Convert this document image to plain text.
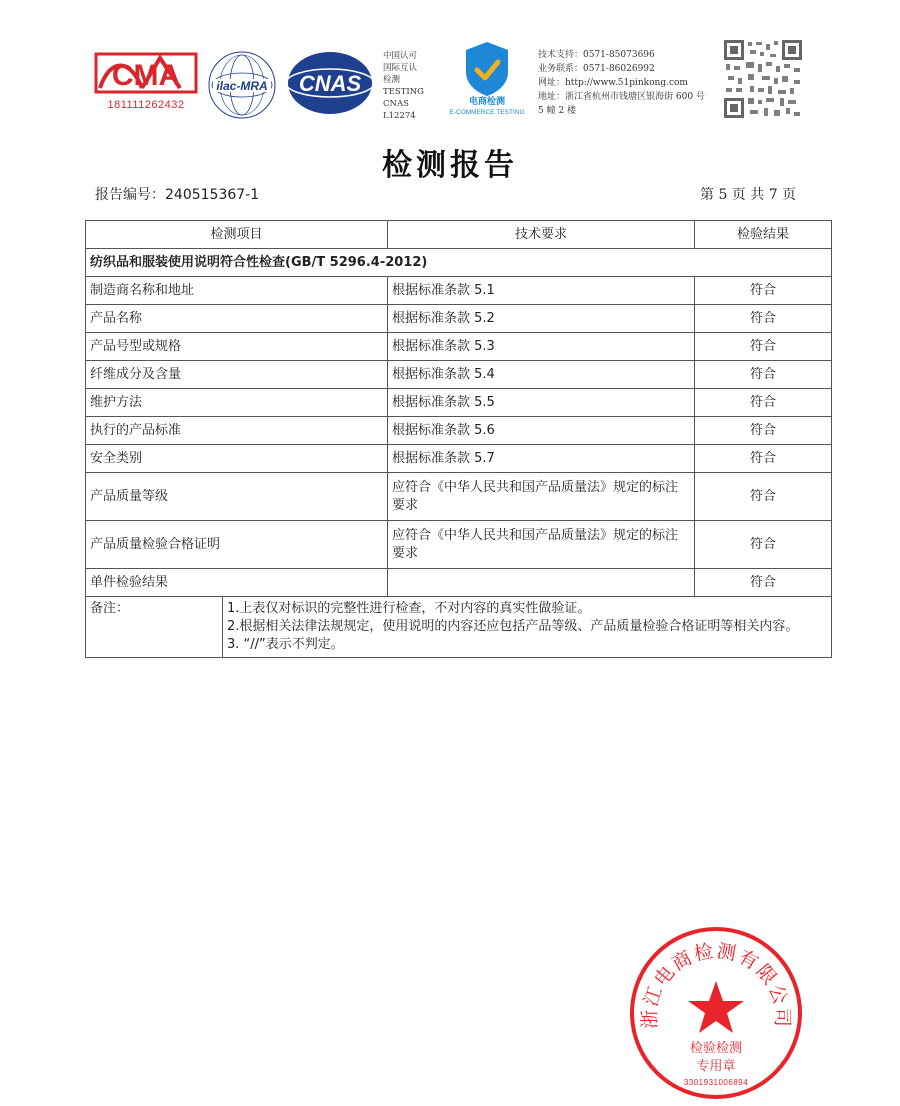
CMA
181111262432
ilac-MRA CNAS
中国认可
国际互认
检测
TESTING
CNAS L12274
电商检测
E-COMMERCE TESTING
技术支持：0571-85073696
业务联系：0571-86026992
网址：http://www.51pinkong.com
地址：浙江省杭州市钱塘区银海街 600 号
5 幢 2 楼
检测报告
报告编号：240515367-1	第 5 页 共 7 页
检测项目		技术要求	检验结果
纺织品和服装使用说明符合性检查(GB/T 5296.4-2012)			
制造商名称和地址		根据标准条款 5.1	符合
产品名称		根据标准条款 5.2	符合
产品号型或规格		根据标准条款 5.3	符合
纤维成分及含量		根据标准条款 5.4	符合
维护方法		根据标准条款 5.5	符合
执行的产品标准		根据标准条款 5.6	符合
安全类别		根据标准条款 5.7	符合
产品质量等级		应符合《中华人民共和国产品质量法》规定的标注要求	符合
产品质量检验合格证明		应符合《中华人民共和国产品质量法》规定的标注要求	符合
单件检验结果			符合
备注：	1.上表仅对标识的完整性进行检查，不对内容的真实性做验证。
2.根据相关法律法规规定，使用说明的内容还应包括产品等级、产品质量检验合格证明等相关内容。
3. “//”表示不判定。		
浙江电商检测有限公司
检验检测
专用章
3301931006894
